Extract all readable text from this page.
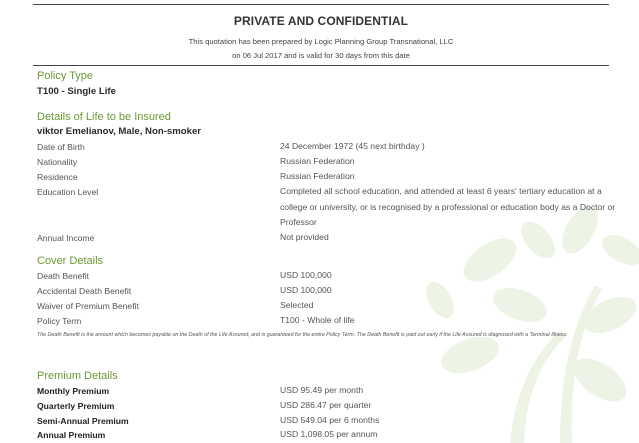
PRIVATE AND CONFIDENTIAL
This quotation has been prepared by Logic Planning Group Transnational, LLC
on 06 Jul 2017 and is valid for 30 days from this date
Policy Type
T100 - Single Life
Details of Life to be Insured
viktor Emelianov, Male, Non-smoker
Date of Birth	24 December 1972 (45 next birthday )
Nationality	Russian Federation
Residence	Russian Federation
Education Level	Completed all school education, and attended at least 6 years' tertiary education at a college or university, or is recognised by a professional or education body as a Doctor or Professor
Annual Income	Not provided
Cover Details
Death Benefit	USD 100,000
Accidental Death Benefit	USD 100,000
Waiver of Premium Benefit	Selected
Policy Term	T100 - Whole of life
The Death Benefit is the amount which becomes payable on the Death of the Life Assured, and is guaranteed for the entire Policy Term. The Death Benefit is paid out early if the Life Assured is diagnosed with a Terminal Illness.
Premium Details
Monthly Premium	USD 95.49 per month
Quarterly Premium	USD 286.47 per quarter
Semi-Annual Premium	USD 549.04 per 6 months
Annual Premium	USD 1,098.05 per annum
